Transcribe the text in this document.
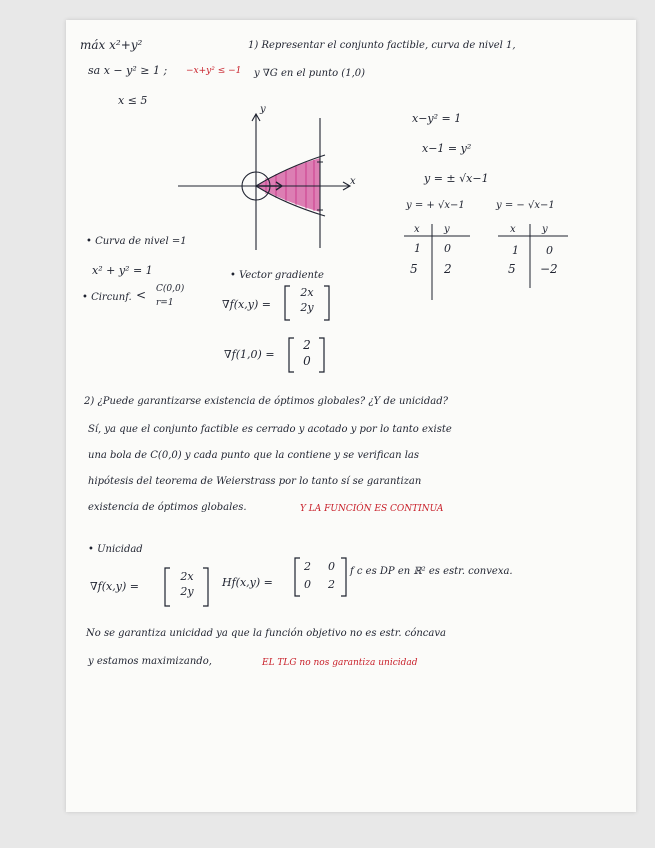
máx x²+y²
sa x − y² ≥ 1 ; −x+y² ≤ −1
x ≤ 5
1) Representar el conjunto factible, curva de nivel 1,
y ∇G en el punto (1,0)
y
x
x−y² = 1
x−1 = y²
y = ± √x−1
y = + √x−1	y = − √x−1
x y
1 0
5 2
x	y
1 0
5 −2
• Curva de nivel =1
x² + y² = 1
• Circunf. < C(0,0)
r=1
• Vector gradiente
∇f(x,y) =
2x
2y
∇f(1,0) =
2
0
2) ¿Puede garantizarse existencia de óptimos globales? ¿Y de unicidad?
Sí, ya que el conjunto factible es cerrado y acotado y por lo tanto existe
una bola de C(0,0) y cada punto que la contiene y se verifican las
hipótesis del teorema de Weierstrass por lo tanto sí se garantizan
existencia de óptimos globales.	Y LA FUNCIÓN ES CONTINUA
• Unicidad
∇f(x,y) =
2x
2y
Hf(x,y) =
2 0
0 2
f c es DP en ℝ² es estr. convexa.
No se garantiza unicidad ya que la función objetivo no es estr. cóncava
y estamos maximizando,	EL TLG no nos garantiza unicidad
